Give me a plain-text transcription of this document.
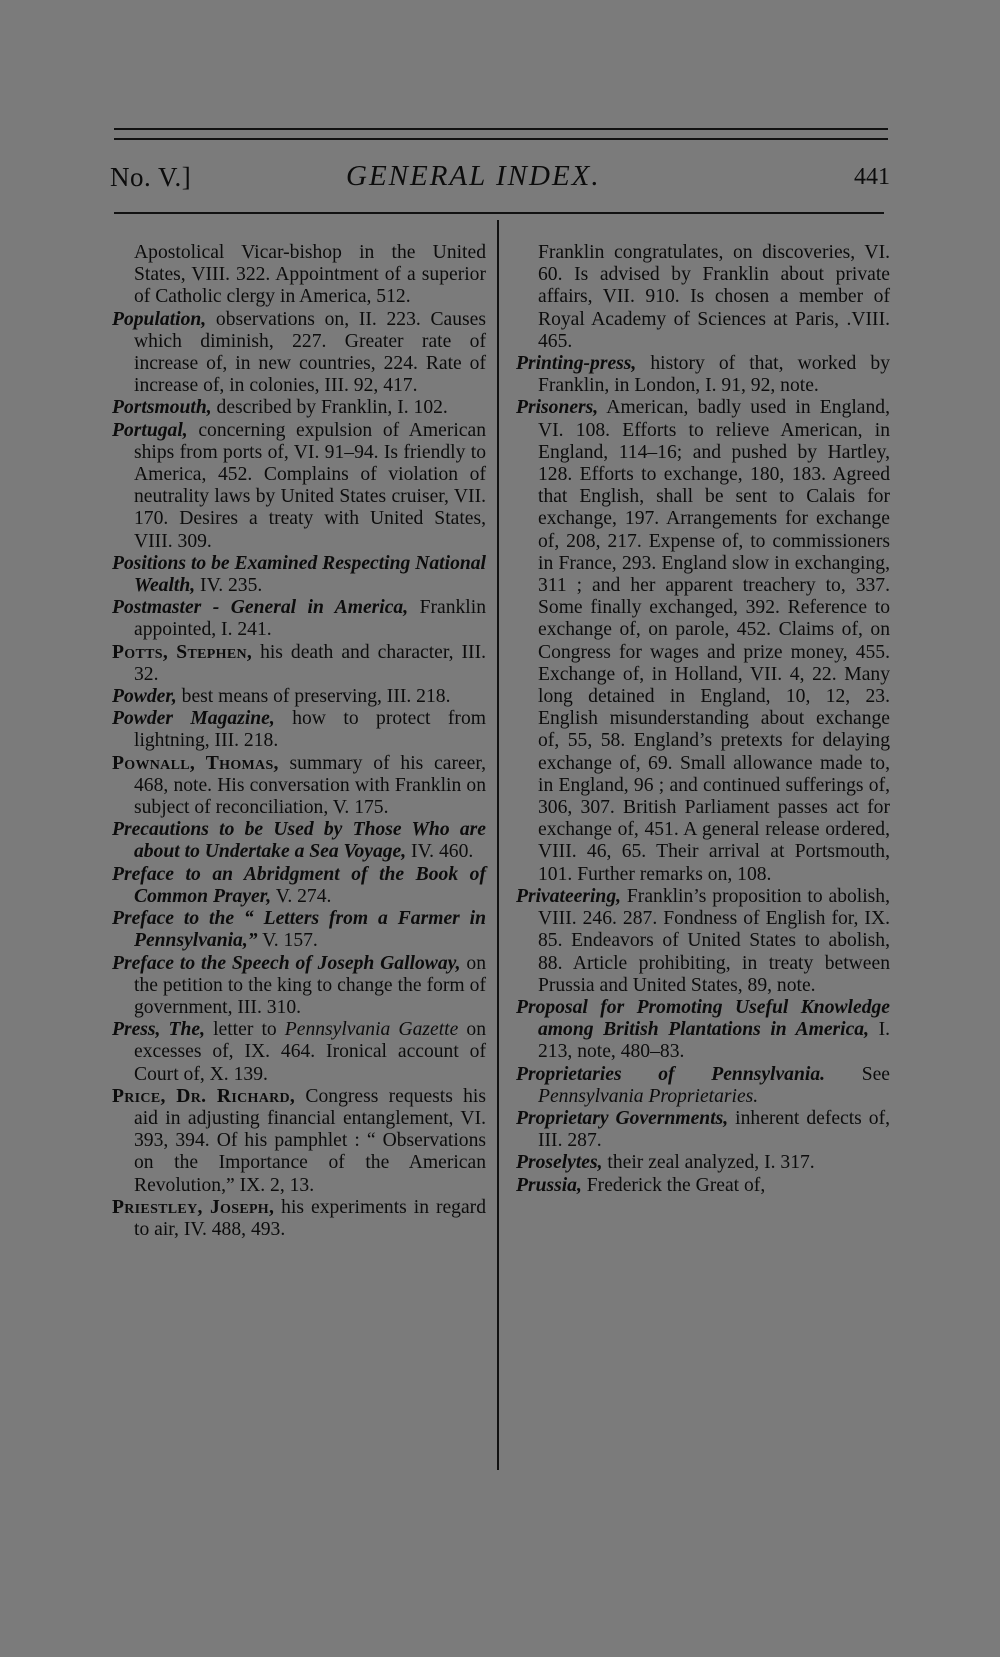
No. V.]	GENERAL INDEX.	441

Apostolical Vicar-bishop in the United States, VIII. 322. Appointment of a superior of Catholic clergy in America, 512.

Population, observations on, II. 223. Causes which diminish, 227. Greater rate of increase of, in new countries, 224. Rate of increase of, in colonies, III. 92, 417.

Portsmouth, described by Franklin, I. 102.

Portugal, concerning expulsion of American ships from ports of, VI. 91–94. Is friendly to America, 452. Complains of violation of neutrality laws by United States cruiser, VII. 170. Desires a treaty with United States, VIII. 309.

Positions to be Examined Respecting National Wealth, IV. 235.

Postmaster - General in America, Franklin appointed, I. 241.

Potts, Stephen, his death and character, III. 32.

Powder, best means of preserving, III. 218.

Powder Magazine, how to protect from lightning, III. 218.

Pownall, Thomas, summary of his career, 468, note. His conversation with Franklin on subject of reconciliation, V. 175.

Precautions to be Used by Those Who are about to Undertake a Sea Voyage, IV. 460.

Preface to an Abridgment of the Book of Common Prayer, V. 274.

Preface to the “ Letters from a Farmer in Pennsylvania,” V. 157.

Preface to the Speech of Joseph Galloway, on the petition to the king to change the form of government, III. 310.

Press, The, letter to Pennsylvania Gazette on excesses of, IX. 464. Ironical account of Court of, X. 139.

Price, Dr. Richard, Congress requests his aid in adjusting financial entanglement, VI. 393, 394. Of his pamphlet : “ Observations on the Importance of the American Revolution,” IX. 2, 13.

Priestley, Joseph, his experiments in regard to air, IV. 488, 493.

Franklin congratulates, on discoveries, VI. 60. Is advised by Franklin about private affairs, VII. 910. Is chosen a member of Royal Academy of Sciences at Paris, .VIII. 465.

Printing-press, history of that, worked by Franklin, in London, I. 91, 92, note.

Prisoners, American, badly used in England, VI. 108. Efforts to relieve American, in England, 114–16; and pushed by Hartley, 128. Efforts to exchange, 180, 183. Agreed that English, shall be sent to Calais for exchange, 197. Arrangements for exchange of, 208, 217. Expense of, to commissioners in France, 293. England slow in exchanging, 311 ; and her apparent treachery to, 337. Some finally exchanged, 392. Reference to exchange of, on parole, 452. Claims of, on Congress for wages and prize money, 455. Exchange of, in Holland, VII. 4, 22. Many long detained in England, 10, 12, 23. English misunderstanding about exchange of, 55, 58. England’s pretexts for delaying exchange of, 69. Small allowance made to, in England, 96 ; and continued sufferings of, 306, 307. British Parliament passes act for exchange of, 451. A general release ordered, VIII. 46, 65. Their arrival at Portsmouth, 101. Further remarks on, 108.

Privateering, Franklin’s proposition to abolish, VIII. 246. 287. Fondness of English for, IX. 85. Endeavors of United States to abolish, 88. Article prohibiting, in treaty between Prussia and United States, 89, note.

Proposal for Promoting Useful Knowledge among British Plantations in America, I. 213, note, 480–83.

Proprietaries of Pennsylvania. See Pennsylvania Proprietaries.

Proprietary Governments, inherent defects of, III. 287.

Proselytes, their zeal analyzed, I. 317.

Prussia, Frederick the Great of,
